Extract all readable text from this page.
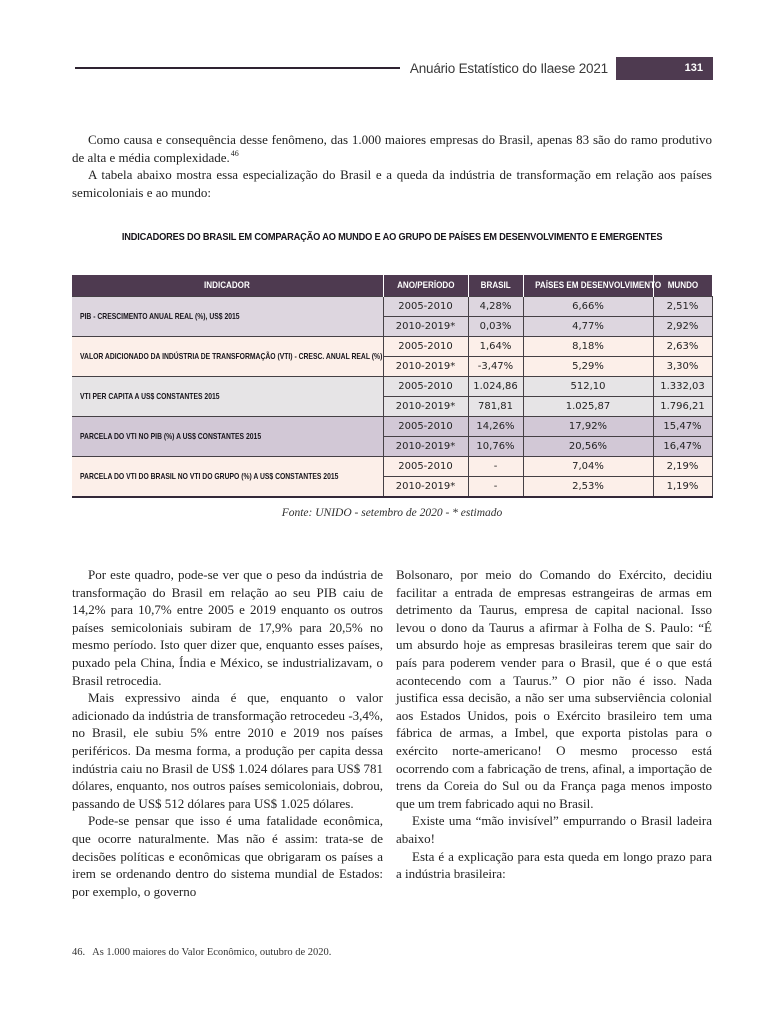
Anuário Estatístico do Ilaese 2021	131

Como causa e consequência desse fenômeno, das 1.000 maiores empresas do Brasil, apenas 83 são do ramo produtivo de alta e média complexidade.$^{46}$

A tabela abaixo mostra essa especialização do Brasil e a queda da indústria de transformação em relação aos países semicoloniais e ao mundo:

INDICADORES DO BRASIL EM COMPARAÇÃO AO MUNDO E AO GRUPO DE PAÍSES EM DESENVOLVIMENTO E EMERGENTES
INDICADOR	ANO/PERÍODO	BRASIL	PAÍSES EM DESENVOLVIMENTO	MUNDO
PIB - CRESCIMENTO ANUAL REAL (%), US$ 2015	2005-2010	4,28%	6,66%	2,51%
	2010-2019*	0,03%	4,77%	2,92%
VALOR ADICIONADO DA INDÚSTRIA DE TRANSFORMAÇÃO (VTI) - CRESC. ANUAL REAL (%)	2005-2010	1,64%	8,18%	2,63%
	2010-2019*	-3,47%	5,29%	3,30%
VTI PER CAPITA A US$ CONSTANTES 2015	2005-2010	1.024,86	512,10	1.332,03
	2010-2019*	781,81	1.025,87	1.796,21
PARCELA DO VTI NO PIB (%) A US$ CONSTANTES 2015	2005-2010	14,26%	17,92%	15,47%
	2010-2019*	10,76%	20,56%	16,47%
PARCELA DO VTI DO BRASIL NO VTI DO GRUPO (%) A US$ CONSTANTES 2015	2005-2010	-	7,04%	2,19%
	2010-2019*	-	2,53%	1,19%
Fonte: UNIDO - setembro de 2020 - * estimado

Por este quadro, pode-se ver que o peso da indústria de transformação do Brasil em relação ao seu PIB caiu de 14,2% para 10,7% entre 2005 e 2019 enquanto os outros países semicoloniais subiram de 17,9% para 20,5% no mesmo período. Isto quer dizer que, enquanto esses países, puxado pela China, Índia e México, se industrializavam, o Brasil retrocedia.

Mais expressivo ainda é que, enquanto o valor adicionado da indústria de transformação retrocedeu -3,4%, no Brasil, ele subiu 5% entre 2010 e 2019 nos países periféricos. Da mesma forma, a produção per capita dessa indústria caiu no Brasil de US$ 1.024 dólares para US$ 781 dólares, enquanto, nos outros países semicoloniais, dobrou, passando de US$ 512 dólares para US$ 1.025 dólares.

Pode-se pensar que isso é uma fatalidade econômica, que ocorre naturalmente. Mas não é assim: trata-se de decisões políticas e econômicas que obrigaram os países a irem se ordenando dentro do sistema mundial de Estados: por exemplo, o governo

Bolsonaro, por meio do Comando do Exército, decidiu facilitar a entrada de empresas estrangeiras de armas em detrimento da Taurus, empresa de capital nacional. Isso levou o dono da Taurus a afirmar à Folha de S. Paulo: “É um absurdo hoje as empresas brasileiras terem que sair do país para poderem vender para o Brasil, que é o que está acontecendo com a Taurus.” O pior não é isso. Nada justifica essa decisão, a não ser uma subserviência colonial aos Estados Unidos, pois o Exército brasileiro tem uma fábrica de armas, a Imbel, que exporta pistolas para o exército norte-americano! O mesmo processo está ocorrendo com a fabricação de trens, afinal, a importação de trens da Coreia do Sul ou da França paga menos imposto que um trem fabricado aqui no Brasil.

Existe uma “mão invisível” empurrando o Brasil ladeira abaixo!

Esta é a explicação para esta queda em longo prazo para a indústria brasileira:

46. As 1.000 maiores do Valor Econômico, outubro de 2020.
